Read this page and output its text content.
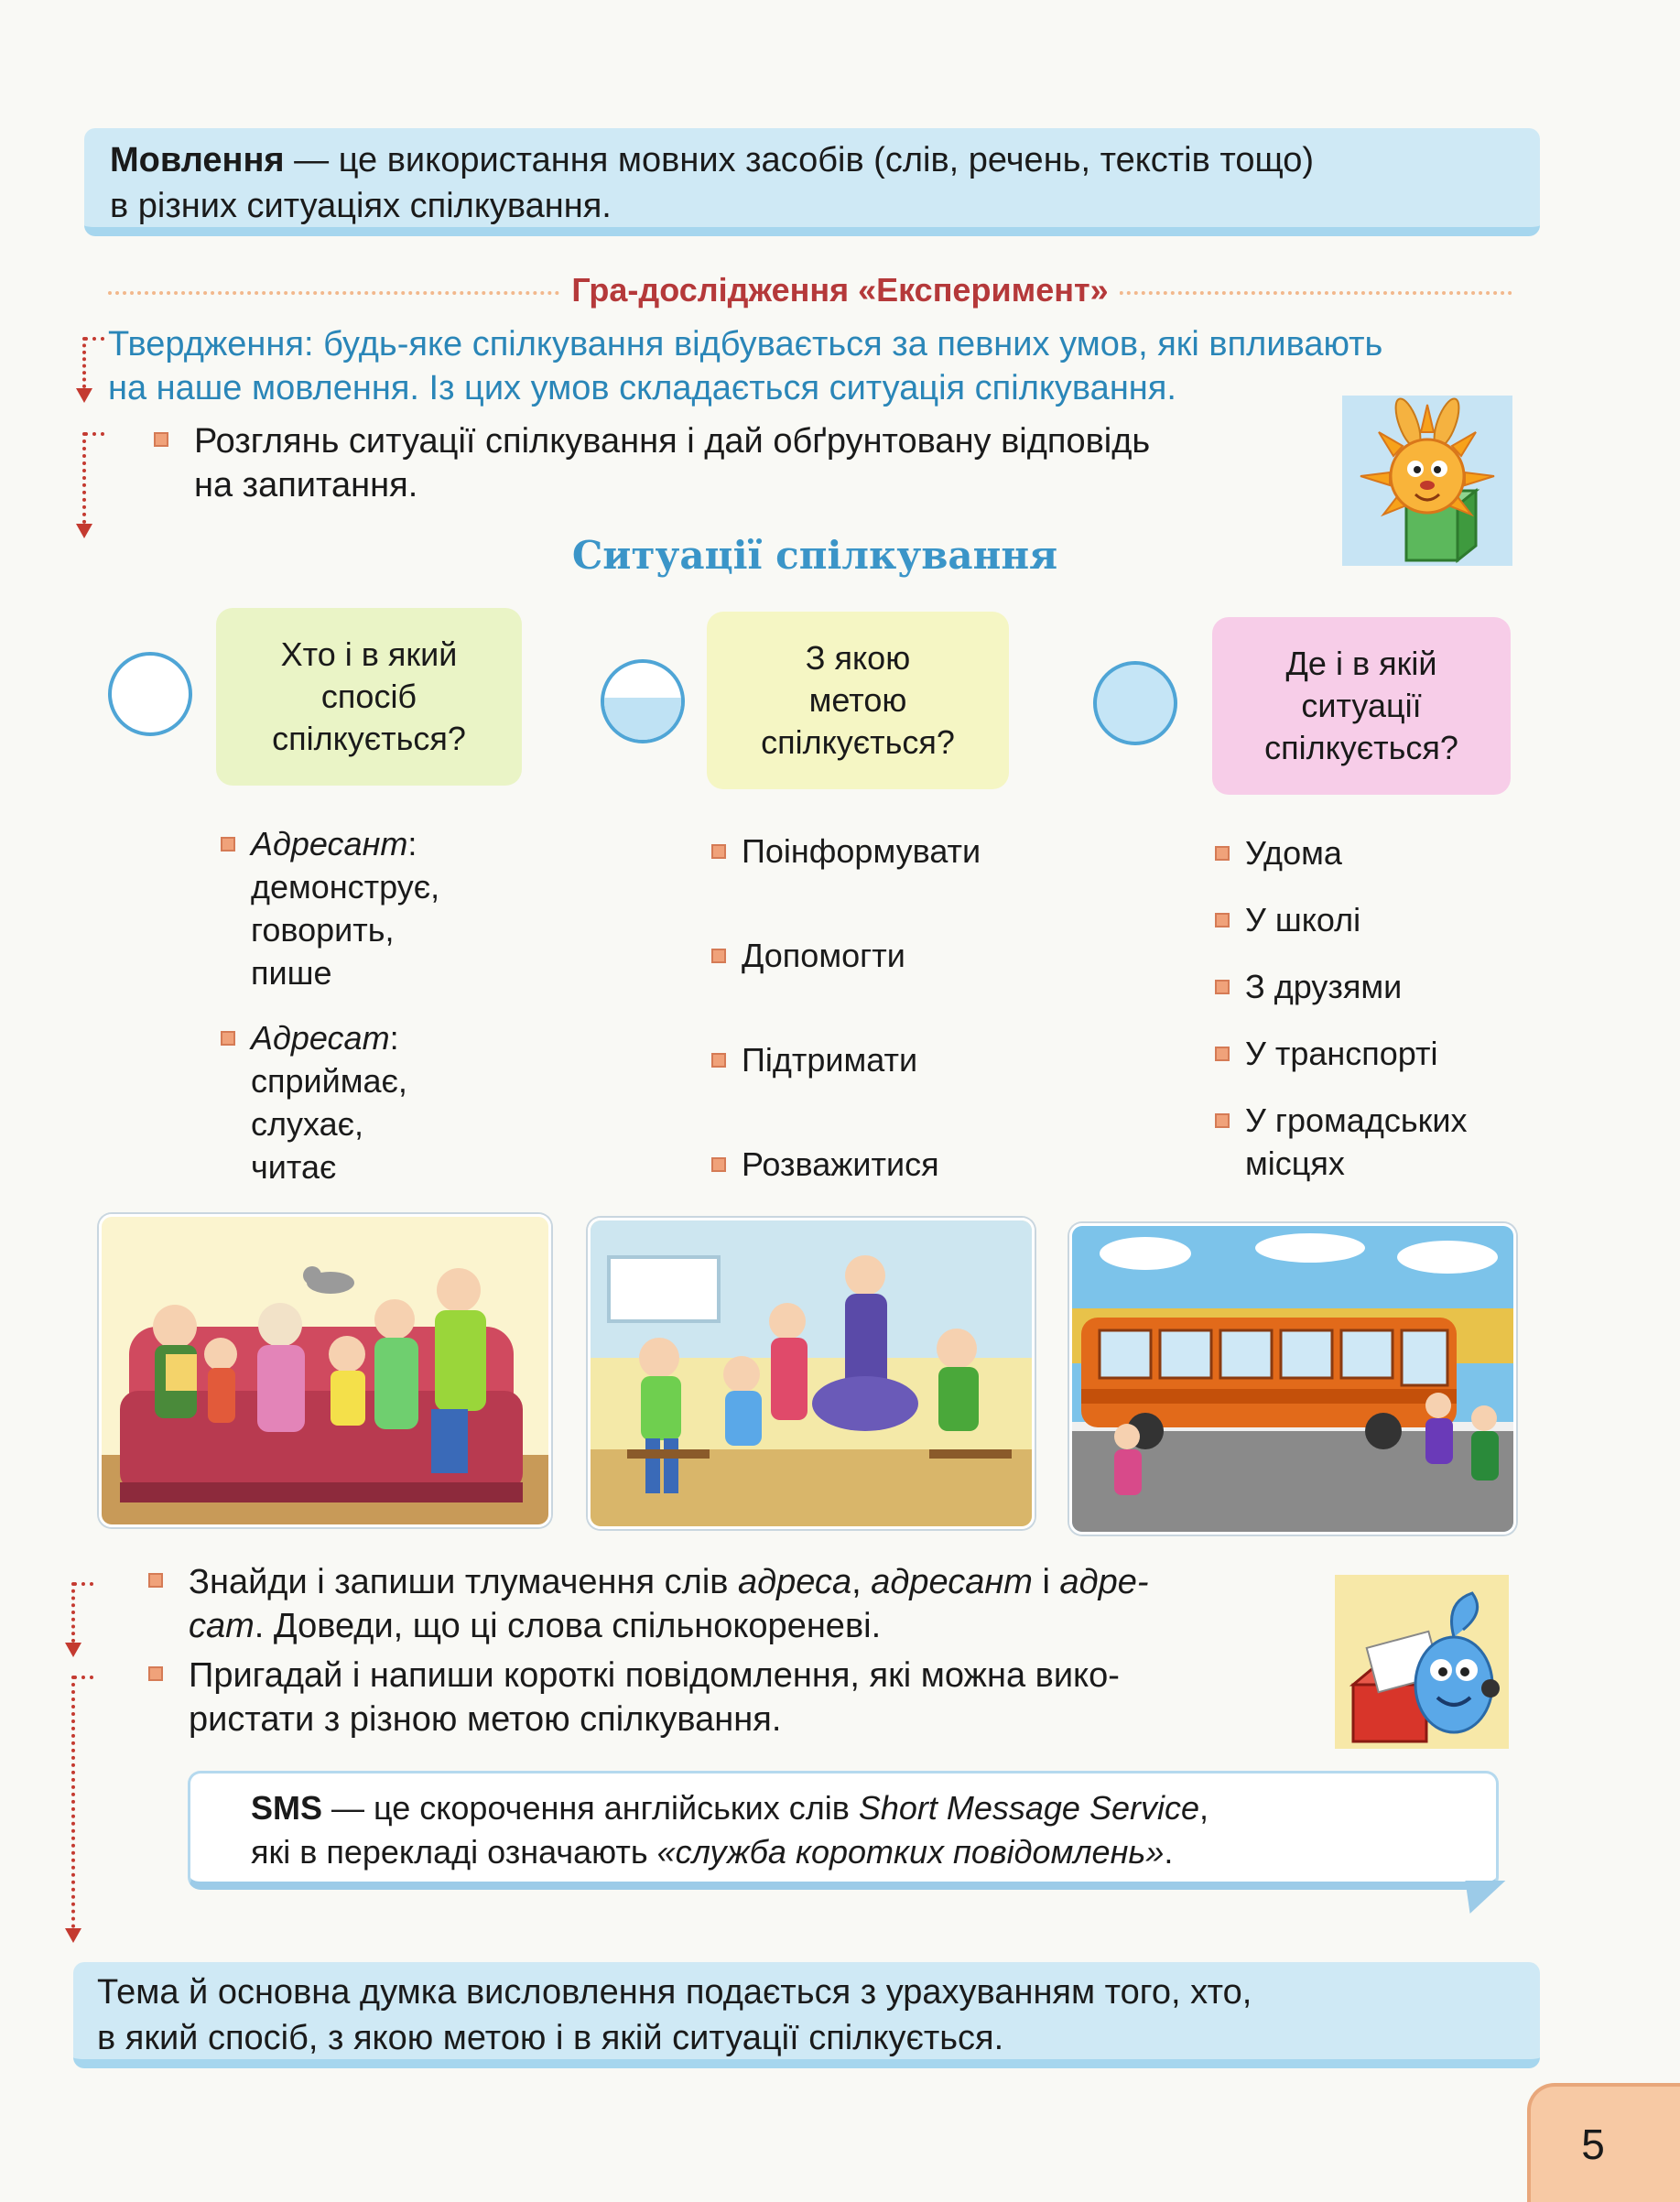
Мовлення — це використання мовних засобів (слів, речень, текстів тощо)
в різних ситуаціях спілкування.
Гра-дослідження «Експеримент»
Твердження: будь-яке спілкування відбувається за певних умов, які впливають
на наше мовлення. Із цих умов складається ситуація спілкування.
Розглянь ситуації спілкування і дай обґрунтовану відповідь
на запитання.
Ситуації спілкування
Хто і в який
спосіб
спілкується?
Адресант:
демонструє,
говорить,
пише
Адресат:
сприймає,
слухає,
читає
З якою
метою
спілкується?
Поінформувати
Допомогти
Підтримати
Розважитися
Де і в якій
ситуації
спілкується?
Удома
У школі
З друзями
У транспорті
У громадських
місцях
Знайди і запиши тлумачення слів адреса, адресант і адре-
сат. Доведи, що ці слова спільнокореневі.
Пригадай і напиши короткі повідомлення, які можна вико-
ристати з різною метою спілкування.
SMS — це скорочення англійських слів Short Message Service,
які в перекладі означають «служба коротких повідомлень».
Тема й основна думка висловлення подається з урахуванням того, хто,
в який спосіб, з якою метою і в якій ситуації спілкується.
5
